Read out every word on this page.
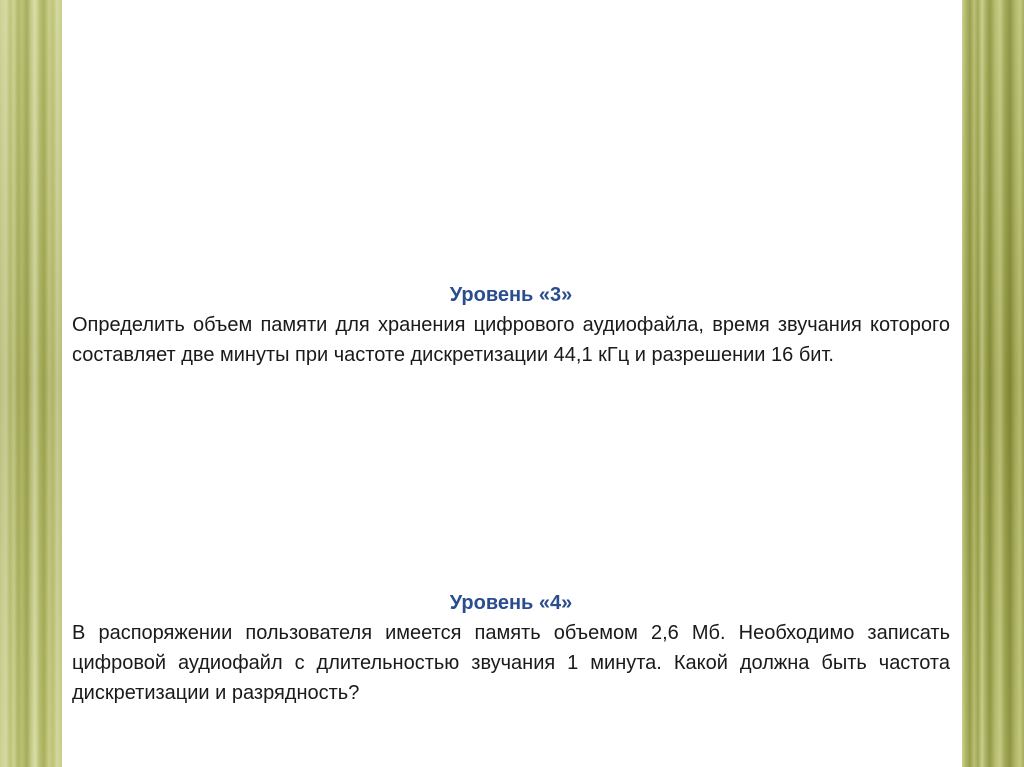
Уровень «3»

Определить объем памяти для хранения цифрового аудиофайла, время звучания которого составляет две минуты при частоте дискретизации 44,1 кГц и разрешении 16 бит.

Уровень «4»

В распоряжении пользователя имеется память объемом 2,6 Мб. Необходимо записать цифровой аудиофайл с длительностью звучания 1 минута. Какой должна быть частота дискретизации и разрядность?
